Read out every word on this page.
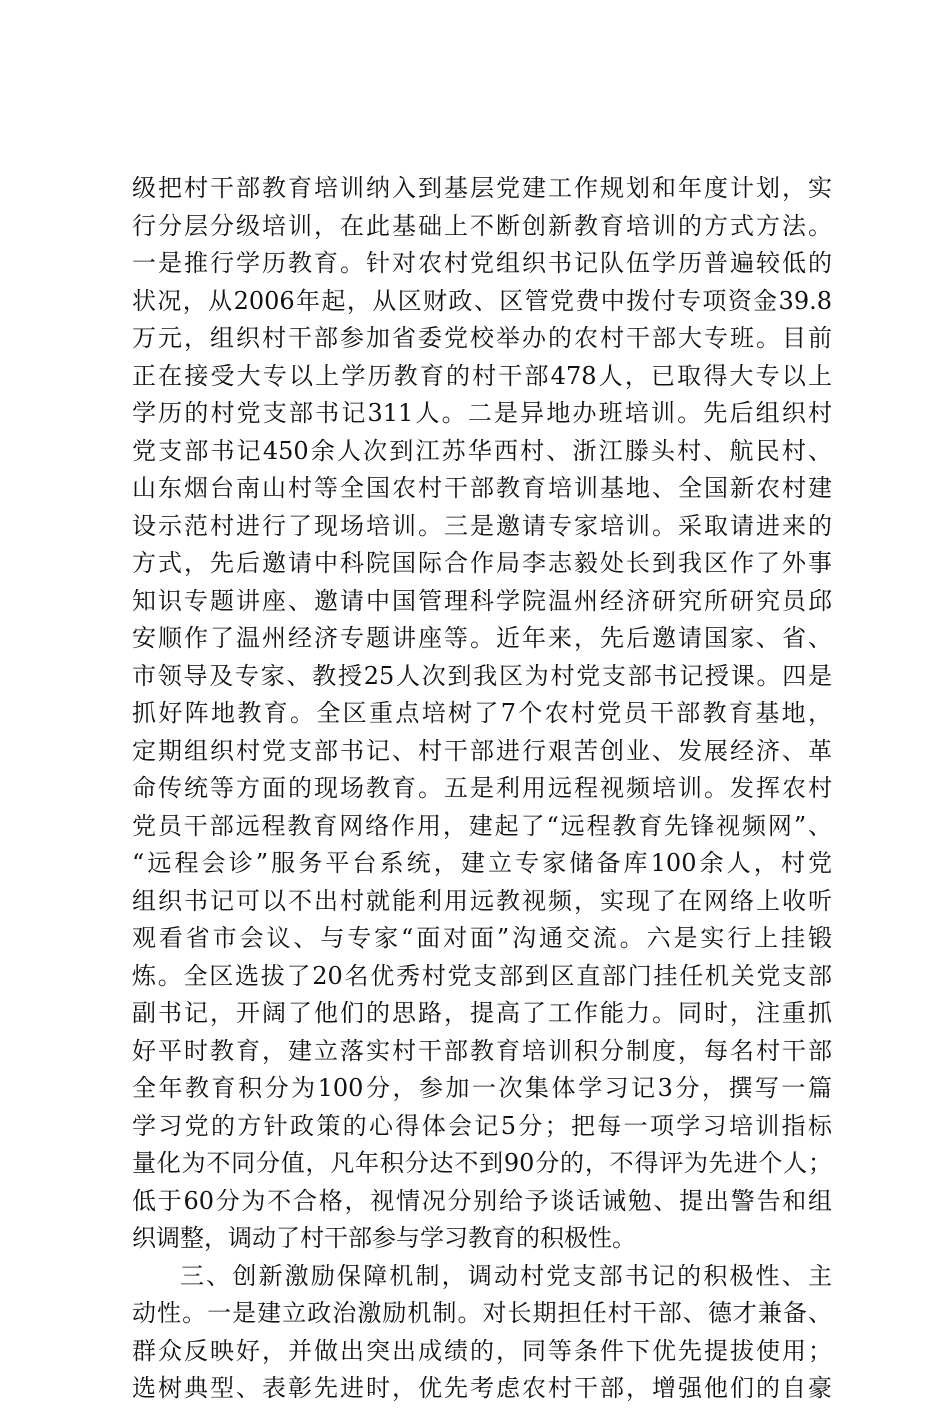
级把村干部教育培训纳入到基层党建工作规划和年度计划，实
行分层分级培训，在此基础上不断创新教育培训的方式方法。
一是推行学历教育。针对农村党组织书记队伍学历普遍较低的
状况，从2006年起，从区财政、区管党费中拨付专项资金39.8
万元，组织村干部参加省委党校举办的农村干部大专班。目前
正在接受大专以上学历教育的村干部478人，已取得大专以上
学历的村党支部书记311人。二是异地办班培训。先后组织村
党支部书记450余人次到江苏华西村、浙江滕头村、航民村、
山东烟台南山村等全国农村干部教育培训基地、全国新农村建
设示范村进行了现场培训。三是邀请专家培训。采取请进来的
方式，先后邀请中科院国际合作局李志毅处长到我区作了外事
知识专题讲座、邀请中国管理科学院温州经济研究所研究员邱
安顺作了温州经济专题讲座等。近年来，先后邀请国家、省、
市领导及专家、教授25人次到我区为村党支部书记授课。四是
抓好阵地教育。全区重点培树了7个农村党员干部教育基地，
定期组织村党支部书记、村干部进行艰苦创业、发展经济、革
命传统等方面的现场教育。五是利用远程视频培训。发挥农村
党员干部远程教育网络作用，建起了“远程教育先锋视频网”、
“远程会诊”服务平台系统，建立专家储备库100余人，村党
组织书记可以不出村就能利用远教视频，实现了在网络上收听
观看省市会议、与专家“面对面”沟通交流。六是实行上挂锻
炼。全区选拔了20名优秀村党支部到区直部门挂任机关党支部
副书记，开阔了他们的思路，提高了工作能力。同时，注重抓
好平时教育，建立落实村干部教育培训积分制度，每名村干部
全年教育积分为100分，参加一次集体学习记3分，撰写一篇
学习党的方针政策的心得体会记5分；把每一项学习培训指标
量化为不同分值，凡年积分达不到90分的，不得评为先进个人；
低于60分为不合格，视情况分别给予谈话诫勉、提出警告和组
织调整，调动了村干部参与学习教育的积极性。
三、创新激励保障机制，调动村党支部书记的积极性、主
动性。一是建立政治激励机制。对长期担任村干部、德才兼备、
群众反映好，并做出突出成绩的，同等条件下优先提拔使用；
选树典型、表彰先进时，优先考虑农村干部，增强他们的自豪
